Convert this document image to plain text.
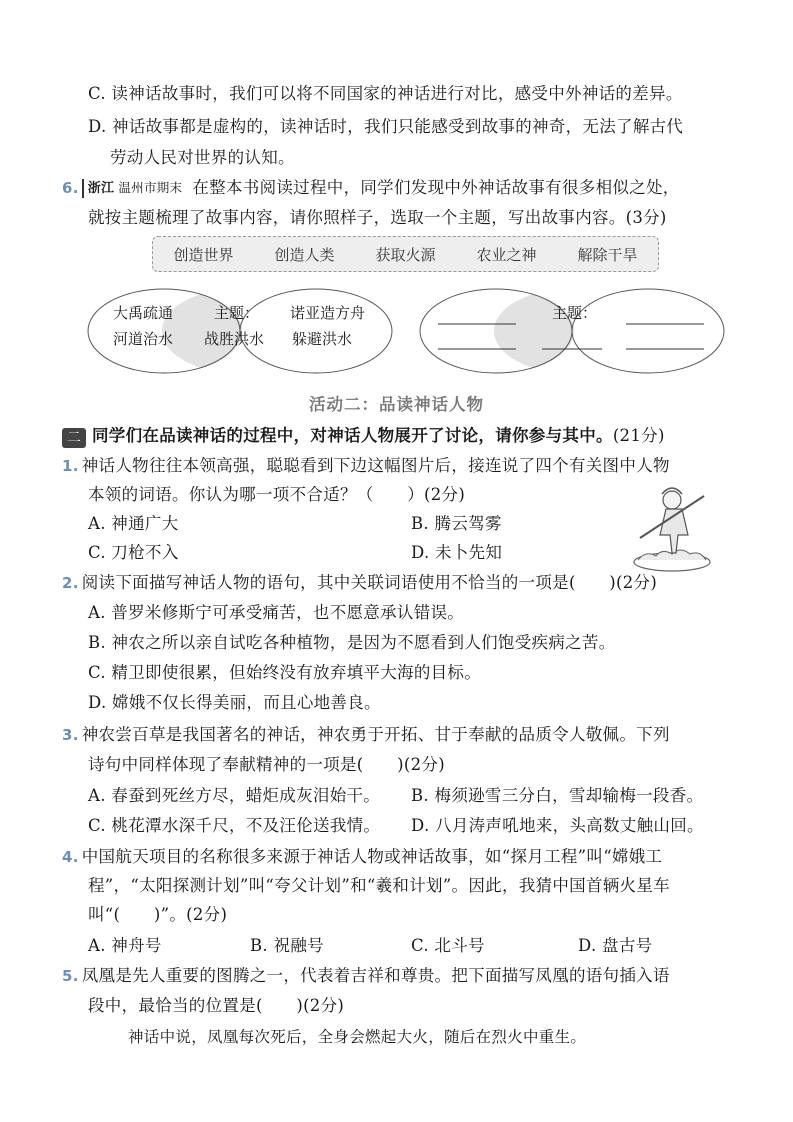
C. 读神话故事时，我们可以将不同国家的神话进行对比，感受中外神话的差异。
D. 神话故事都是虚构的，读神话时，我们只能感受到故事的神奇，无法了解古代
劳动人民对世界的认知。
6. 浙江 温州市期末 在整本书阅读过程中，同学们发现中外神话故事有很多相似之处，
就按主题梳理了故事内容，请你照样子，选取一个主题，写出故事内容。(3分)
创造世界	创造人类	获取火源	农业之神	解除干旱
大禹疏通
河道治水
主题：
战胜洪水
诺亚造方舟
躲避洪水
主题：
活动二：品读神话人物
二 同学们在品读神话的过程中，对神话人物展开了讨论，请你参与其中。(21分)
1. 神话人物往往本领高强，聪聪看到下边这幅图片后，接连说了四个有关图中人物
本领的词语。你认为哪一项不合适？（　　）(2分)
A. 神通广大	B. 腾云驾雾
C. 刀枪不入	D. 未卜先知
2. 阅读下面描写神话人物的语句，其中关联词语使用不恰当的一项是(　　)(2分)
A. 普罗米修斯宁可承受痛苦，也不愿意承认错误。
B. 神农之所以亲自试吃各种植物，是因为不愿看到人们饱受疾病之苦。
C. 精卫即使很累，但始终没有放弃填平大海的目标。
D. 嫦娥不仅长得美丽，而且心地善良。
3. 神农尝百草是我国著名的神话，神农勇于开拓、甘于奉献的品质令人敬佩。下列
诗句中同样体现了奉献精神的一项是(　　)(2分)
A. 春蚕到死丝方尽，蜡炬成灰泪始干。 B. 梅须逊雪三分白，雪却输梅一段香。
C. 桃花潭水深千尺，不及汪伦送我情。 D. 八月涛声吼地来，头高数丈触山回。
4. 中国航天项目的名称很多来源于神话人物或神话故事，如“探月工程”叫“嫦娥工
程”，“太阳探测计划”叫“夸父计划”和“羲和计划”。因此，我猜中国首辆火星车
叫“(　　)”。(2分)
A. 神舟号	B. 祝融号	C. 北斗号	D. 盘古号
5. 凤凰是先人重要的图腾之一，代表着吉祥和尊贵。把下面描写凤凰的语句插入语
段中，最恰当的位置是(　　)(2分)
神话中说，凤凰每次死后，全身会燃起大火，随后在烈火中重生。
